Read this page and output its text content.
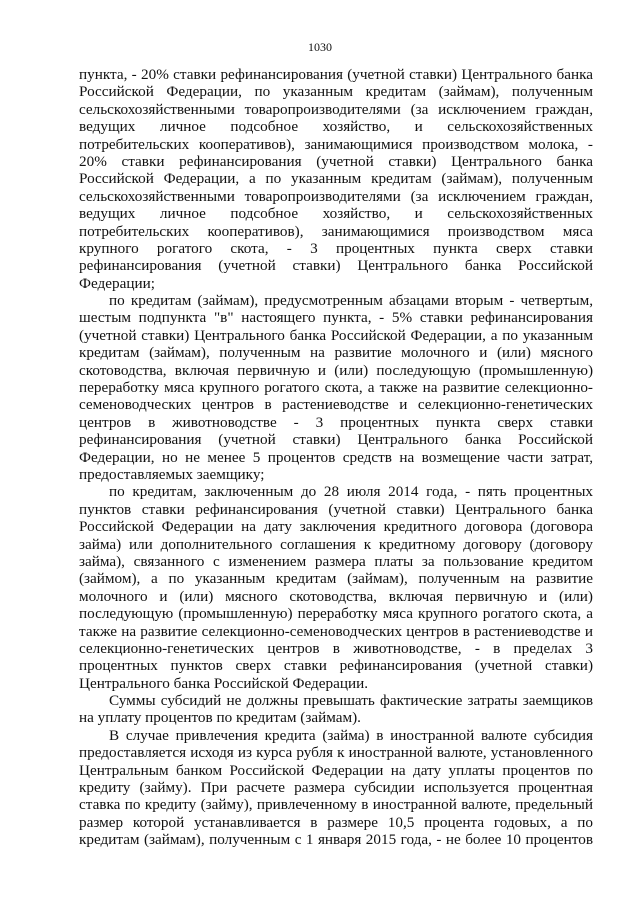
1030
пункта, - 20% ставки рефинансирования (учетной ставки) Центрального банка
Российской Федерации, по указанным кредитам (займам), полученным
сельскохозяйственными товаропроизводителями (за исключением граждан,
ведущих личное подсобное хозяйство, и сельскохозяйственных
потребительских кооперативов), занимающимися производством молока, -
20% ставки рефинансирования (учетной ставки) Центрального банка
Российской Федерации, а по указанным кредитам (займам), полученным
сельскохозяйственными товаропроизводителями (за исключением граждан,
ведущих личное подсобное хозяйство, и сельскохозяйственных
потребительских кооперативов), занимающимися производством мяса
крупного рогатого скота, - 3 процентных пункта сверх ставки
рефинансирования (учетной ставки) Центрального банка Российской
Федерации;
по кредитам (займам), предусмотренным абзацами вторым - четвертым,
шестым подпункта "в" настоящего пункта, - 5% ставки рефинансирования
(учетной ставки) Центрального банка Российской Федерации, а по указанным
кредитам (займам), полученным на развитие молочного и (или) мясного
скотоводства, включая первичную и (или) последующую (промышленную)
переработку мяса крупного рогатого скота, а также на развитие селекционно-
семеноводческих центров в растениеводстве и селекционно-генетических
центров в животноводстве - 3 процентных пункта сверх ставки
рефинансирования (учетной ставки) Центрального банка Российской
Федерации, но не менее 5 процентов средств на возмещение части затрат,
предоставляемых заемщику;
по кредитам, заключенным до 28 июля 2014 года, - пять процентных
пунктов ставки рефинансирования (учетной ставки) Центрального банка
Российской Федерации на дату заключения кредитного договора (договора
займа) или дополнительного соглашения к кредитному договору (договору
займа), связанного с изменением размера платы за пользование кредитом
(займом), а по указанным кредитам (займам), полученным на развитие
молочного и (или) мясного скотоводства, включая первичную и (или)
последующую (промышленную) переработку мяса крупного рогатого скота, а
также на развитие селекционно-семеноводческих центров в растениеводстве и
селекционно-генетических центров в животноводстве, - в пределах 3
процентных пунктов сверх ставки рефинансирования (учетной ставки)
Центрального банка Российской Федерации.
Суммы субсидий не должны превышать фактические затраты заемщиков
на уплату процентов по кредитам (займам).
В случае привлечения кредита (займа) в иностранной валюте субсидия
предоставляется исходя из курса рубля к иностранной валюте, установленного
Центральным банком Российской Федерации на дату уплаты процентов по
кредиту (займу). При расчете размера субсидии используется процентная
ставка по кредиту (займу), привлеченному в иностранной валюте, предельный
размер которой устанавливается в размере 10,5 процента годовых, а по
кредитам (займам), полученным с 1 января 2015 года, - не более 10 процентов
